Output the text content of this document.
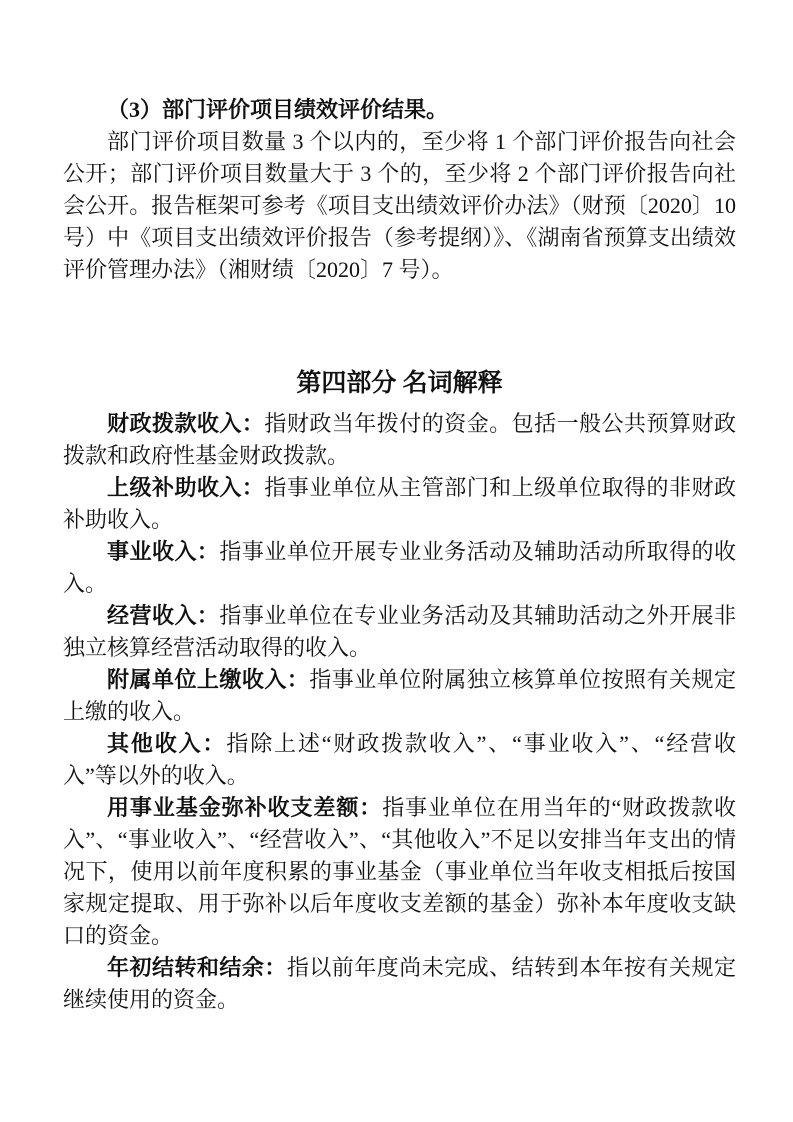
（3）部门评价项目绩效评价结果。

部门评价项目数量 3 个以内的，至少将 1 个部门评价报告向社会公开；部门评价项目数量大于 3 个的，至少将 2 个部门评价报告向社会公开。报告框架可参考《项目支出绩效评价办法》（财预〔2020〕10 号）中《项目支出绩效评价报告（参考提纲）》、《湖南省预算支出绩效评价管理办法》（湘财绩〔2020〕7 号）。

第四部分 名词解释

财政拨款收入：指财政当年拨付的资金。包括一般公共预算财政拨款和政府性基金财政拨款。

上级补助收入：指事业单位从主管部门和上级单位取得的非财政补助收入。

事业收入：指事业单位开展专业业务活动及辅助活动所取得的收入。

经营收入：指事业单位在专业业务活动及其辅助活动之外开展非独立核算经营活动取得的收入。

附属单位上缴收入：指事业单位附属独立核算单位按照有关规定上缴的收入。

其他收入：指除上述“财政拨款收入”、“事业收入”、“经营收入”等以外的收入。

用事业基金弥补收支差额：指事业单位在用当年的“财政拨款收入”、“事业收入”、“经营收入”、“其他收入”不足以安排当年支出的情况下，使用以前年度积累的事业基金（事业单位当年收支相抵后按国家规定提取、用于弥补以后年度收支差额的基金）弥补本年度收支缺口的资金。

年初结转和结余：指以前年度尚未完成、结转到本年按有关规定继续使用的资金。
